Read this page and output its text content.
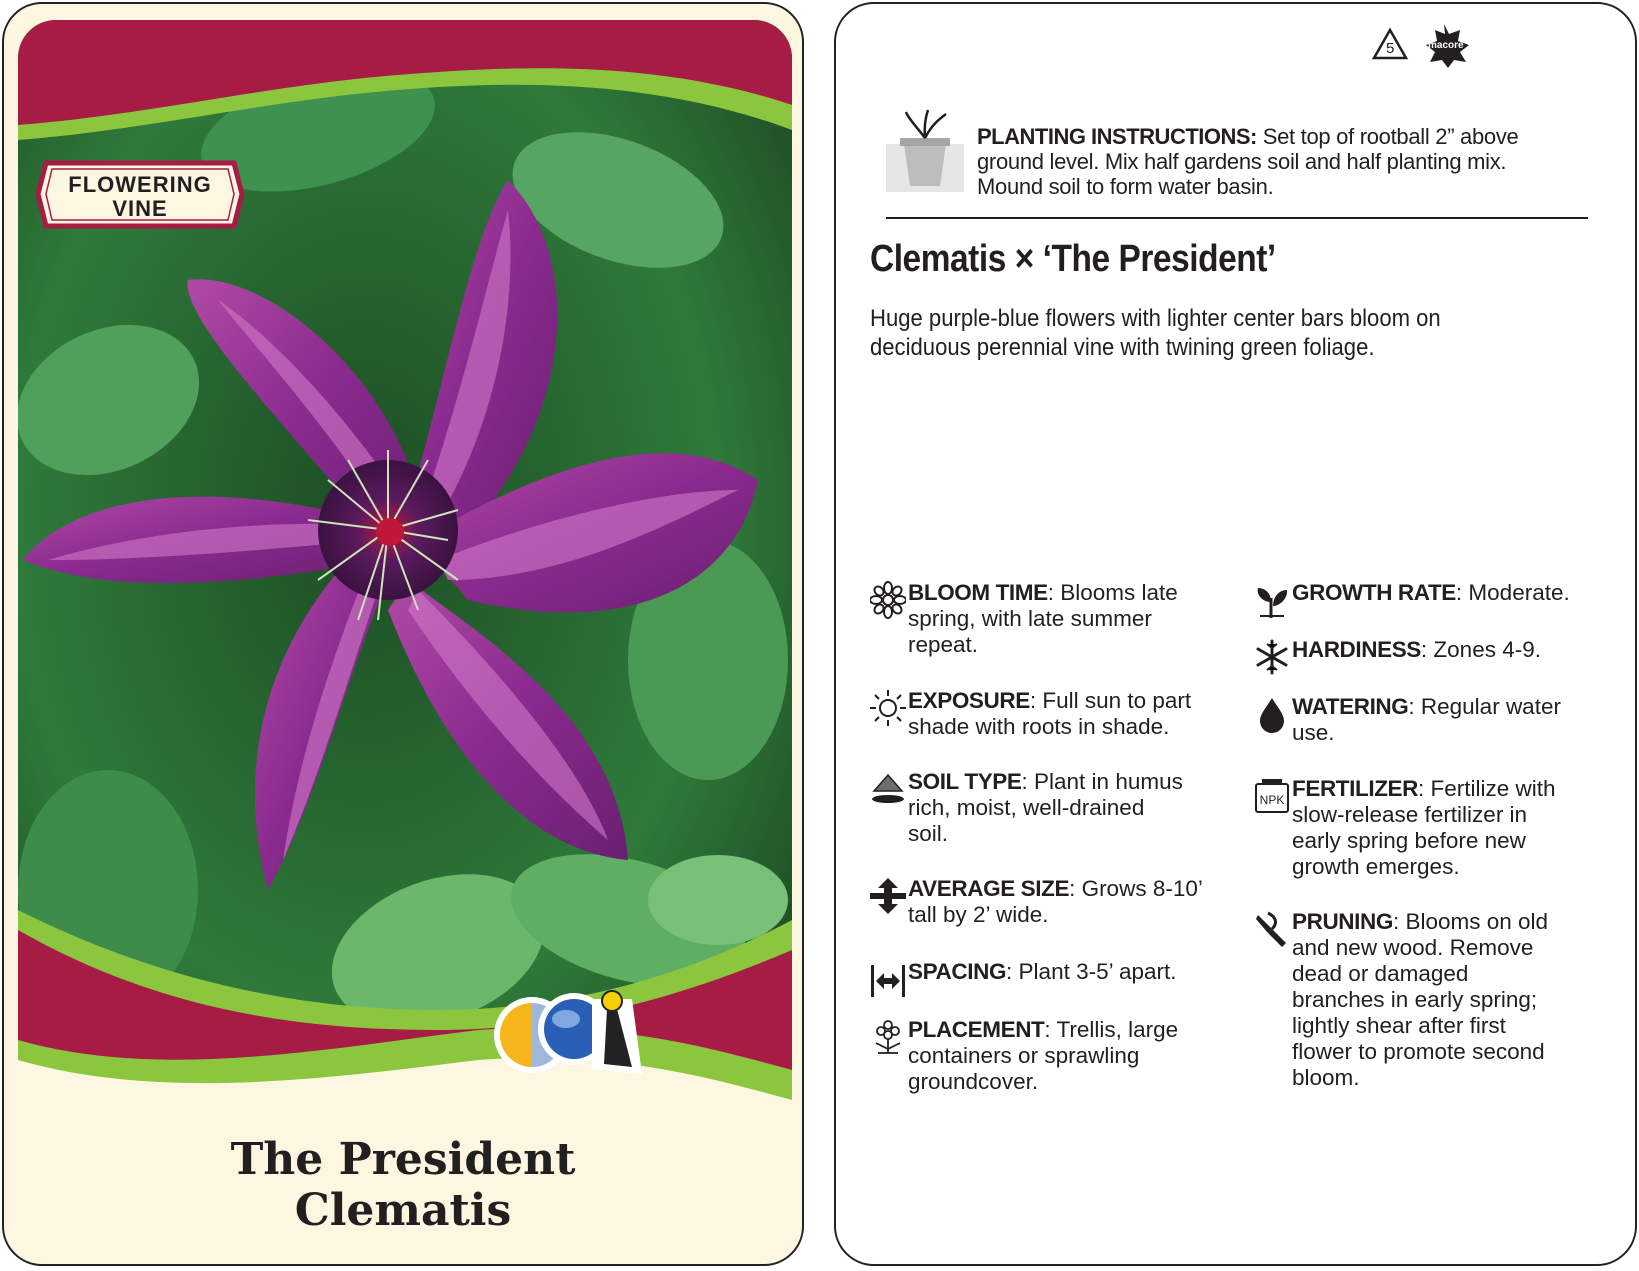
FLOWERING
VINE
The President
Clematis
5	macore
PLANTING INSTRUCTIONS: Set top of rootball 2” above
ground level. Mix half gardens soil and half planting mix.
Mound soil to form water basin.
Clematis × ‘The President’
Huge purple-blue flowers with lighter center bars bloom on
deciduous perennial vine with twining green foliage.
BLOOM TIME: Blooms late
spring, with late summer
repeat.
EXPOSURE: Full sun to part
shade with roots in shade.
SOIL TYPE: Plant in humus
rich, moist, well-drained
soil.
AVERAGE SIZE: Grows 8-10’
tall by 2’ wide.
SPACING: Plant 3-5’ apart.
PLACEMENT: Trellis, large
containers or sprawling
groundcover.
GROWTH RATE: Moderate.
HARDINESS: Zones 4-9.
WATERING: Regular water
use.
NPK FERTILIZER: Fertilize with
slow-release fertilizer in
early spring before new
growth emerges.
PRUNING: Blooms on old
and new wood. Remove
dead or damaged
branches in early spring;
lightly shear after first
flower to promote second
bloom.
